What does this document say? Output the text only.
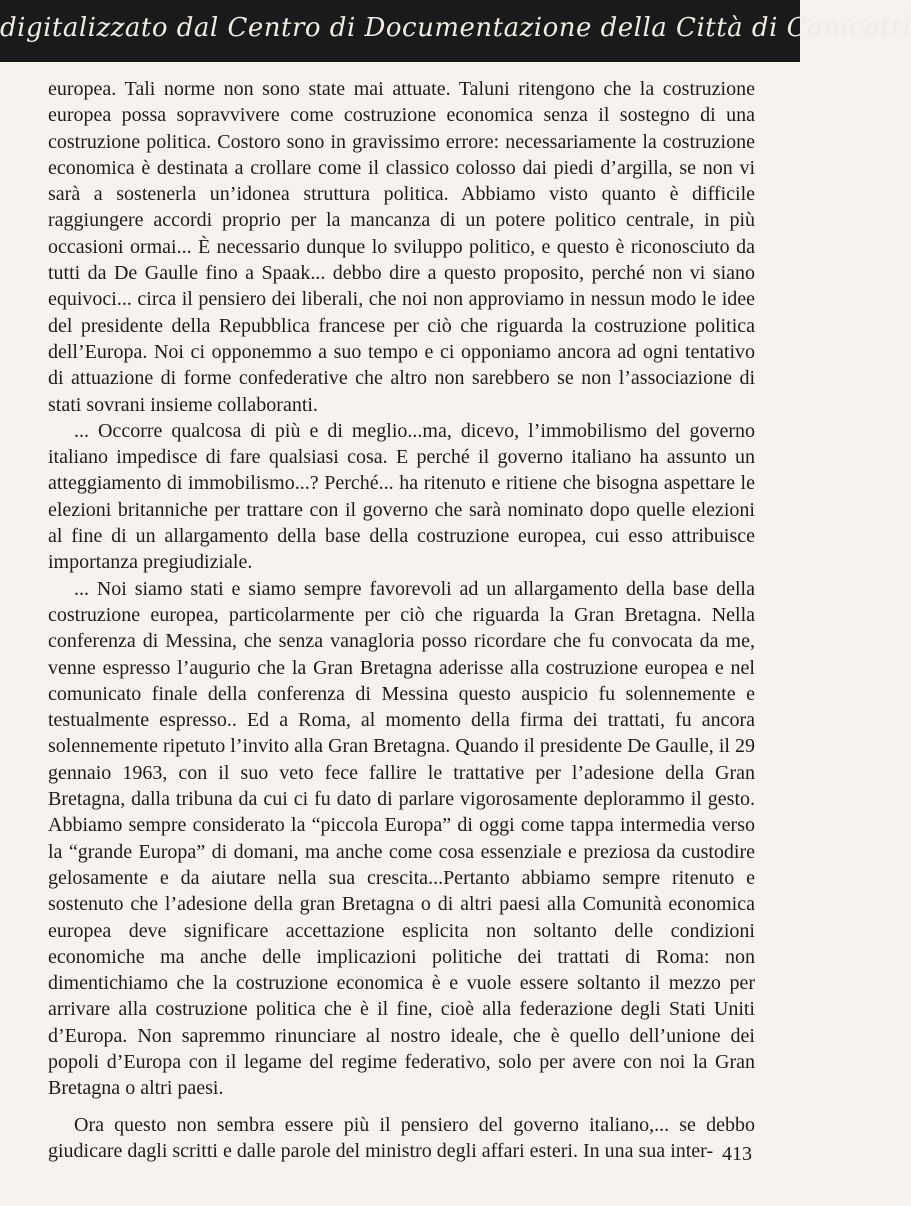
digitalizzato dal Centro di Documentazione della Città di Canicattì

europea. Tali norme non sono state mai attuate. Taluni ritengono che la costruzione europea possa sopravvivere come costruzione economica senza il sostegno di una costruzione politica. Costoro sono in gravissimo errore: necessariamente la costruzione economica è destinata a crollare come il classico colosso dai piedi d’argilla, se non vi sarà a sostenerla un’idonea struttura politica. Abbiamo visto quanto è difficile raggiungere accordi proprio per la mancanza di un potere politico centrale, in più occasioni ormai... È necessario dunque lo sviluppo politico, e questo è riconosciuto da tutti da De Gaulle fino a Spaak... debbo dire a questo proposito, perché non vi siano equivoci... circa il pensiero dei liberali, che noi non approviamo in nessun modo le idee del presidente della Repubblica francese per ciò che riguarda la costruzione politica dell’Europa. Noi ci opponemmo a suo tempo e ci opponiamo ancora ad ogni tentativo di attuazione di forme confederative che altro non sarebbero se non l’associazione di stati sovrani insieme collaboranti.

... Occorre qualcosa di più e di meglio...ma, dicevo, l’immobilismo del governo italiano impedisce di fare qualsiasi cosa. E perché il governo italiano ha assunto un atteggiamento di immobilismo...? Perché... ha ritenuto e ritiene che bisogna aspettare le elezioni britanniche per trattare con il governo che sarà nominato dopo quelle elezioni al fine di un allargamento della base della costruzione europea, cui esso attribuisce importanza pregiudiziale.

... Noi siamo stati e siamo sempre favorevoli ad un allargamento della base della costruzione europea, particolarmente per ciò che riguarda la Gran Bretagna. Nella conferenza di Messina, che senza vanagloria posso ricordare che fu convocata da me, venne espresso l’augurio che la Gran Bretagna aderisse alla costruzione europea e nel comunicato finale della conferenza di Messina questo auspicio fu solennemente e testualmente espresso.. Ed a Roma, al momento della firma dei trattati, fu ancora solennemente ripetuto l’invito alla Gran Bretagna. Quando il presidente De Gaulle, il 29 gennaio 1963, con il suo veto fece fallire le trattative per l’adesione della Gran Bretagna, dalla tribuna da cui ci fu dato di parlare vigorosamente deplorammo il gesto. Abbiamo sempre considerato la “piccola Europa” di oggi come tappa intermedia verso la “grande Europa” di domani, ma anche come cosa essenziale e preziosa da custodire gelosamente e da aiutare nella sua crescita...Pertanto abbiamo sempre ritenuto e sostenuto che l’adesione della gran Bretagna o di altri paesi alla Comunità economica europea deve significare accettazione esplicita non soltanto delle condizioni economiche ma anche delle implicazioni politiche dei trattati di Roma: non dimentichiamo che la costruzione economica è e vuole essere soltanto il mezzo per arrivare alla costruzione politica che è il fine, cioè alla federazione degli Stati Uniti d’Europa. Non sapremmo rinunciare al nostro ideale, che è quello dell’unione dei popoli d’Europa con il legame del regime federativo, solo per avere con noi la Gran Bretagna o altri paesi.

Ora questo non sembra essere più il pensiero del governo italiano,... se debbo giudicare dagli scritti e dalle parole del ministro degli affari esteri. In una sua inter- 413
